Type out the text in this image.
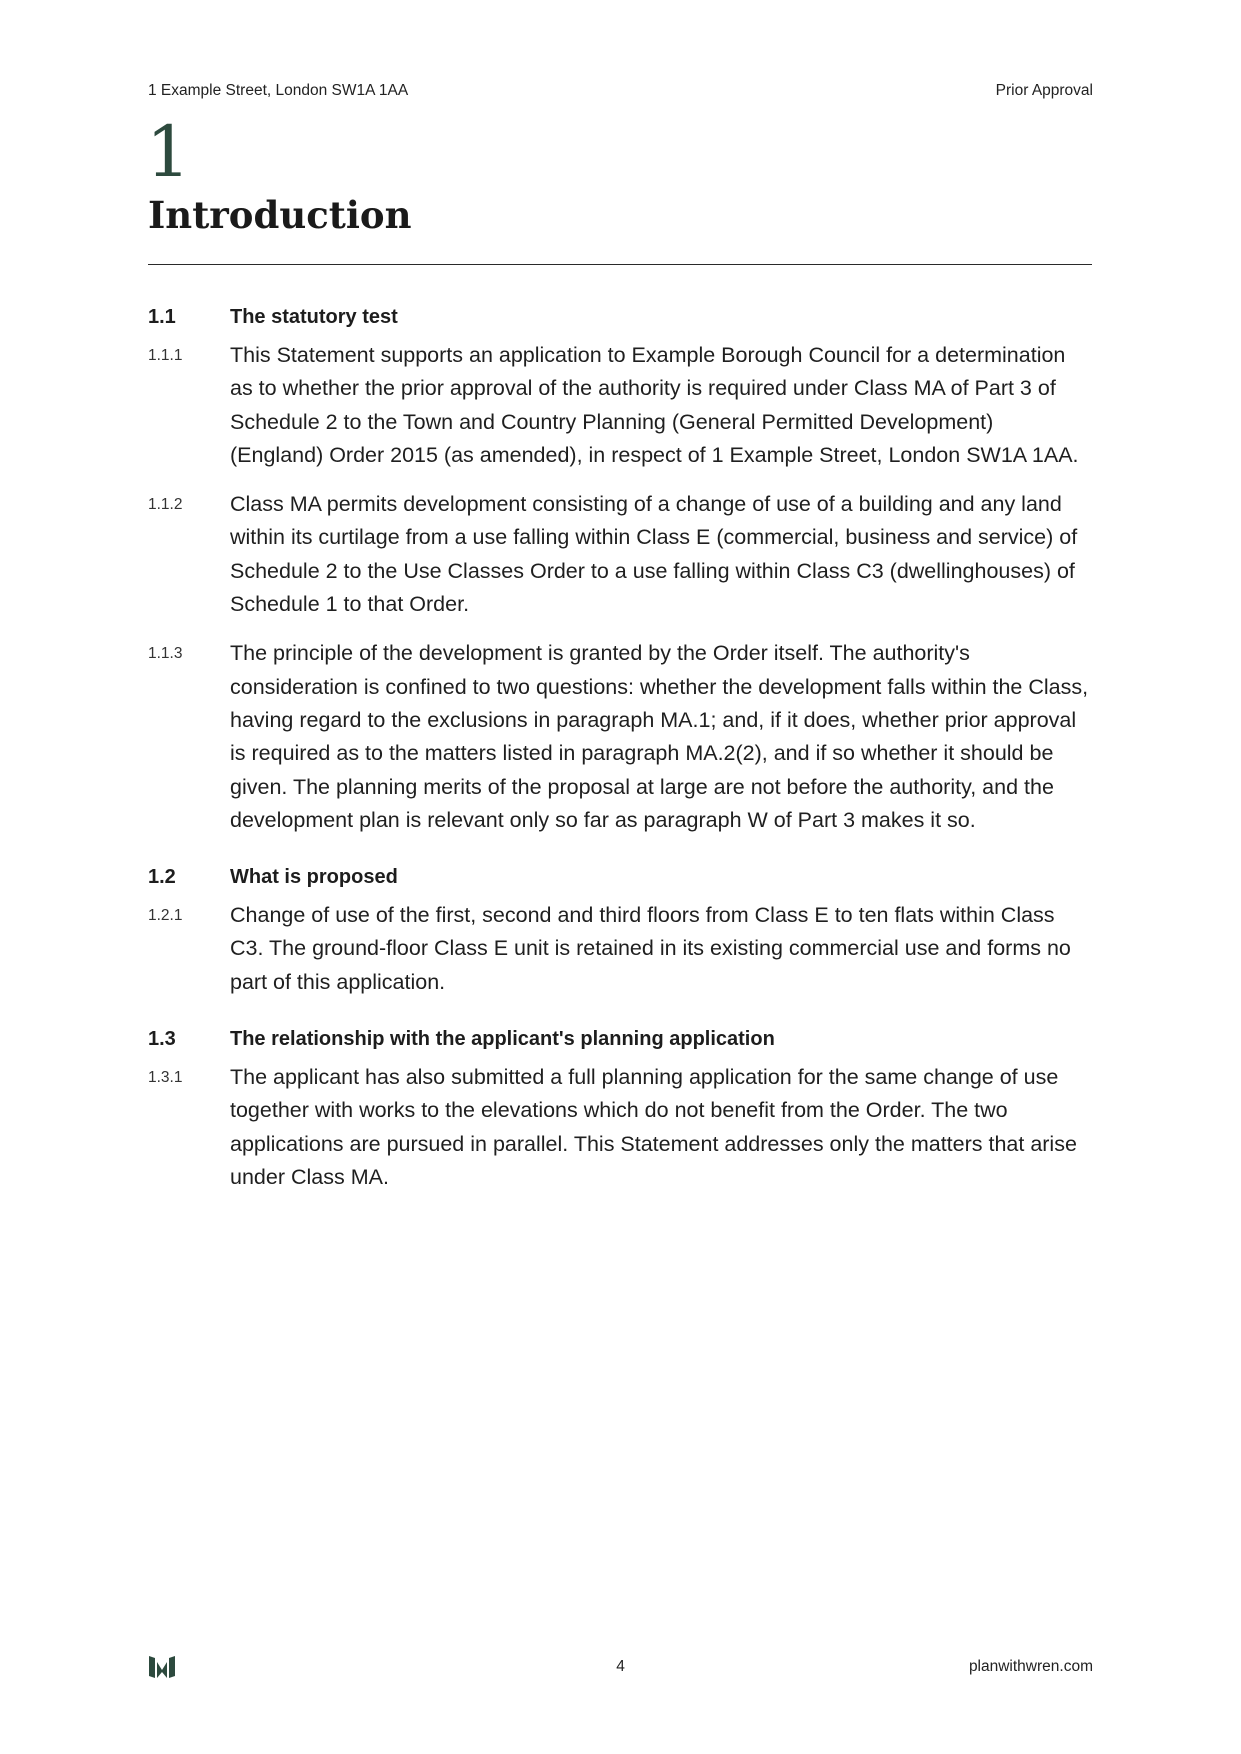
1 Example Street, London SW1A 1AA	Prior Approval
1
Introduction
1.1	The statutory test
1.1.1	This Statement supports an application to Example Borough Council for a determination as to whether the prior approval of the authority is required under Class MA of Part 3 of Schedule 2 to the Town and Country Planning (General Permitted Development) (England) Order 2015 (as amended), in respect of 1 Example Street, London SW1A 1AA.

1.1.2	Class MA permits development consisting of a change of use of a building and any land within its curtilage from a use falling within Class E (commercial, business and service) of Schedule 2 to the Use Classes Order to a use falling within Class C3 (dwellinghouses) of Schedule 1 to that Order.

1.1.3	The principle of the development is granted by the Order itself. The authority's consideration is confined to two questions: whether the development falls within the Class, having regard to the exclusions in paragraph MA.1; and, if it does, whether prior approval is required as to the matters listed in paragraph MA.2(2), and if so whether it should be given. The planning merits of the proposal at large are not before the authority, and the development plan is relevant only so far as paragraph W of Part 3 makes it so.

1.2	What is proposed
1.2.1	Change of use of the first, second and third floors from Class E to ten flats within Class C3. The ground-floor Class E unit is retained in its existing commercial use and forms no part of this application.

1.3	The relationship with the applicant's planning application
1.3.1	The applicant has also submitted a full planning application for the same change of use together with works to the elevations which do not benefit from the Order. The two applications are pursued in parallel. This Statement addresses only the matters that arise under Class MA.

4	planwithwren.com
